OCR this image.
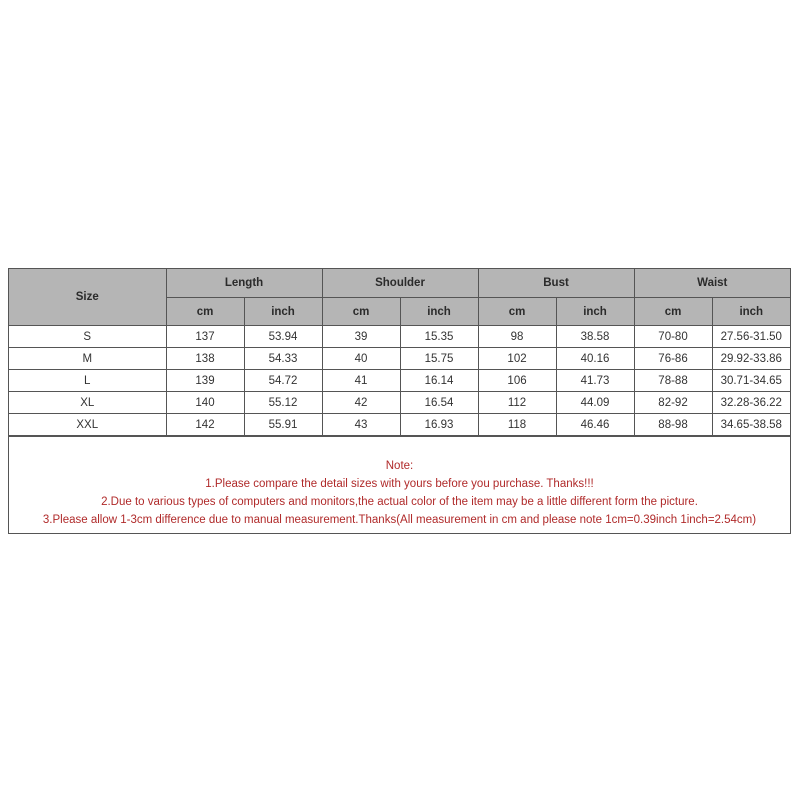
Size	Length		Shoulder		Bust		Waist	
	cm	inch	cm	inch	cm	inch	cm	inch
S	137	53.94	39	15.35	98	38.58	70-80	27.56-31.50
M	138	54.33	40	15.75	102	40.16	76-86	29.92-33.86
L	139	54.72	41	16.14	106	41.73	78-88	30.71-34.65
XL	140	55.12	42	16.54	112	44.09	82-92	32.28-36.22
XXL	142	55.91	43	16.93	118	46.46	88-98	34.65-38.58
Note:
1.Please compare the detail sizes with yours before you purchase. Thanks!!!
2.Due to various types of computers and monitors,the actual color of the item may be a little different form the picture.
3.Please allow 1-3cm difference due to manual measurement.Thanks(All measurement in cm and please note 1cm=0.39inch 1inch=2.54cm)
